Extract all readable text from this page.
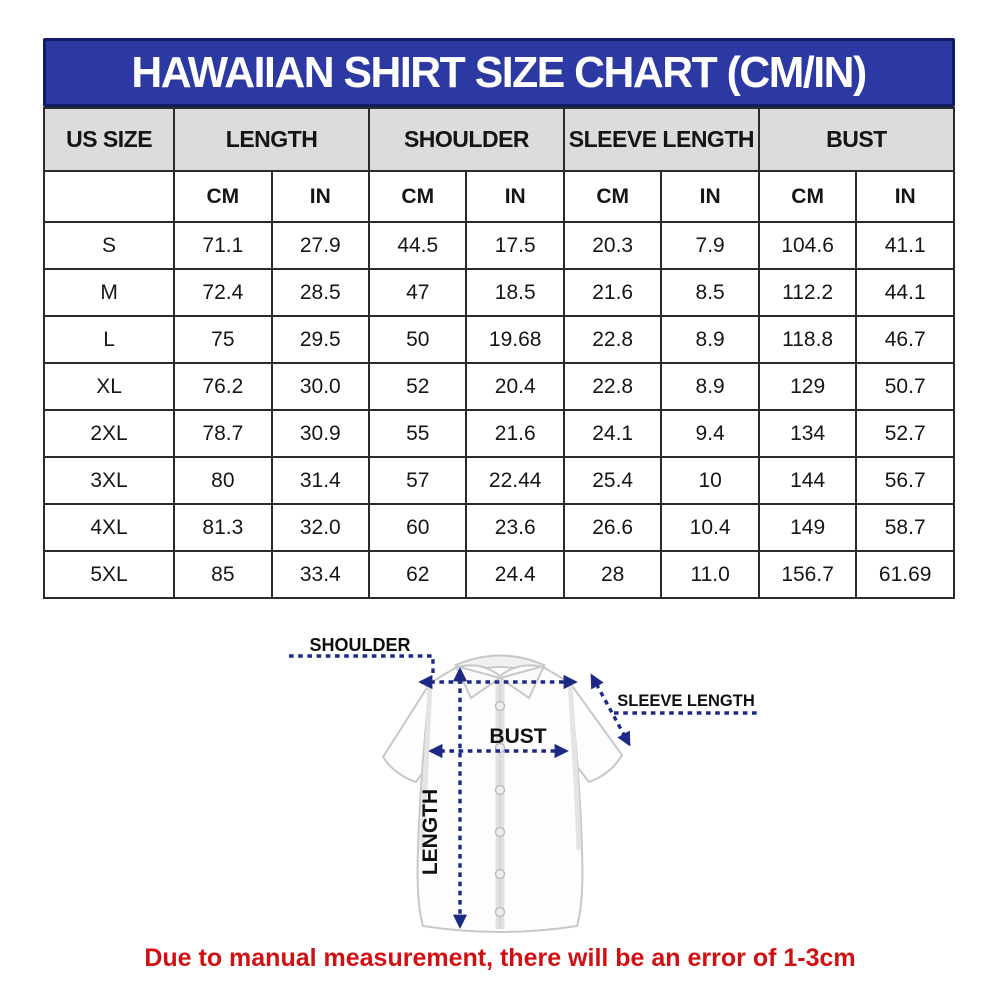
HAWAIIAN SHIRT SIZE CHART (CM/IN)
US SIZE	LENGTH		SHOULDER		SLEEVE LENGTH		BUST	
	CM	IN	CM	IN	CM	IN	CM	IN
S	71.1	27.9	44.5	17.5	20.3	7.9	104.6	41.1
M	72.4	28.5	47	18.5	21.6	8.5	112.2	44.1
L	75	29.5	50	19.68	22.8	8.9	118.8	46.7
XL	76.2	30.0	52	20.4	22.8	8.9	129	50.7
2XL	78.7	30.9	55	21.6	24.1	9.4	134	52.7
3XL	80	31.4	57	22.44	25.4	10	144	56.7
4XL	81.3	32.0	60	23.6	26.6	10.4	149	58.7
5XL	85	33.4	62	24.4	28	11.0	156.7	61.69
SHOULDER
LENGTH
BUST
SLEEVE LENGTH
Due to manual measurement, there will be an error of 1-3cm
